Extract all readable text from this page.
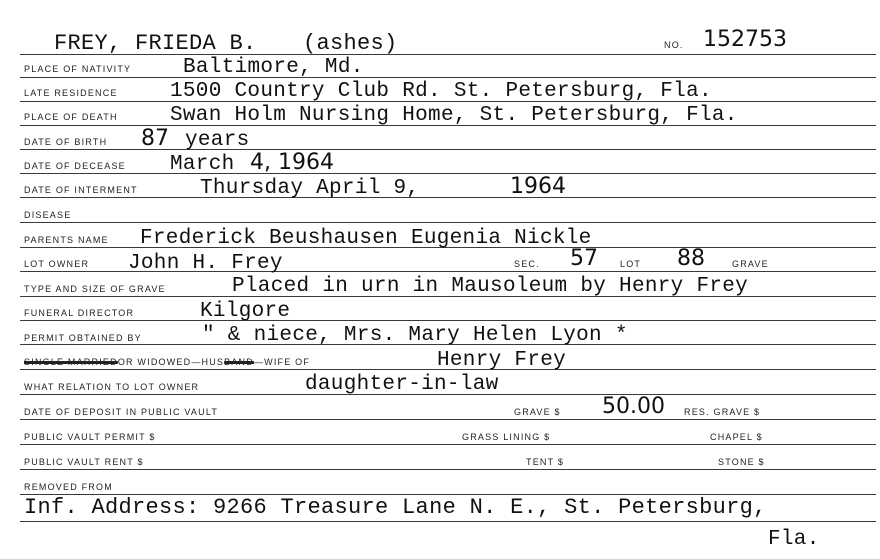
FREY, FRIEDA B. (ashes)	NO. 152753
PLACE OF NATIVITY Baltimore, Md.
LATE RESIDENCE 1500 Country Club Rd. St. Petersburg, Fla.
PLACE OF DEATH Swan Holm Nursing Home, St. Petersburg, Fla.
DATE OF BIRTH 87 years
DATE OF DECEASE March 4, 1964
DATE OF INTERMENT	Thursday April 9,	1964
DISEASE
PARENTS NAME Frederick Beushausen Eugenia Nickle
LOT OWNER John H. Frey	SEC. 57 LOT 88	GRAVE
TYPE AND SIZE OF GRAVE	Placed in urn in Mausoleum by Henry Frey
FUNERAL DIRECTOR	Kilgore
PERMIT OBTAINED BY	" & niece, Mrs. Mary Helen Lyon *
SINGLE MARRIEDOR WIDOWED—HUSBAND—WIFE OF	Henry Frey
WHAT RELATION TO LOT OWNER	daughter-in-law
DATE OF DEPOSIT IN PUBLIC VAULT	GRAVE $ 50.00 RES. GRAVE $
PUBLIC VAULT PERMIT $	GRASS LINING $	CHAPEL $
PUBLIC VAULT RENT $	TENT $	STONE $
REMOVED FROM
Inf. Address: 9266 Treasure Lane N. E., St. Petersburg,
Fla.
